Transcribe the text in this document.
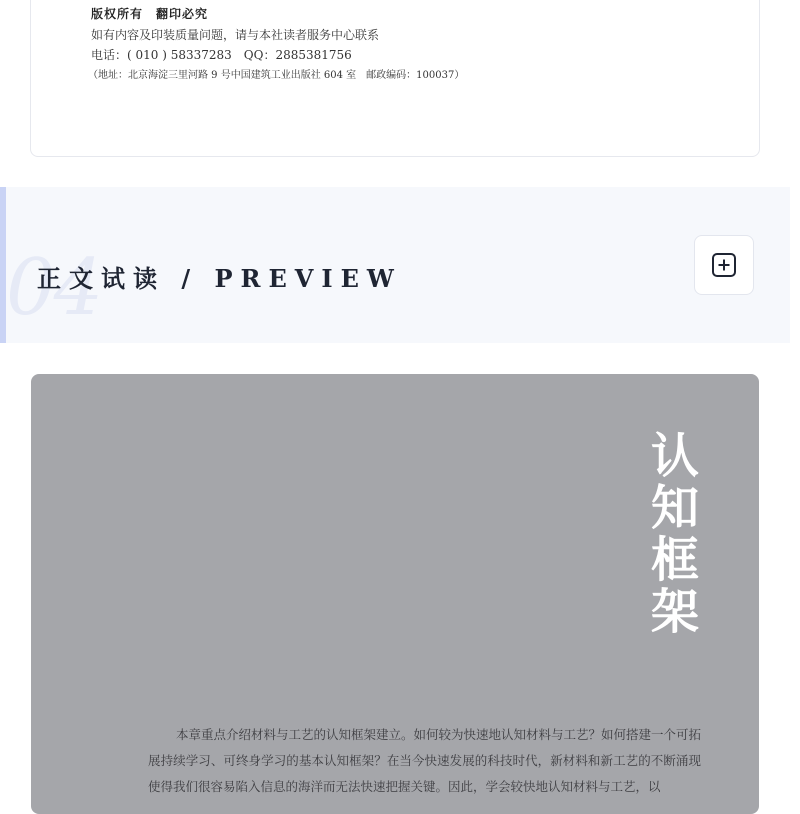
版权所有　翻印必究

如有内容及印装质量问题，请与本社读者服务中心联系

电话：( 010 ) 58337283　QQ：2885381756

（地址：北京海淀三里河路 9 号中国建筑工业出版社 604 室　邮政编码：100037）

04
正文试读 / PREVIEW
认知框架
本章重点介绍材料与工艺的认知框架建立。如何较为快速地认知材料与工艺？如何搭建一个可拓展持续学习、可终身学习的基本认知框架？在当今快速发展的科技时代，新材料和新工艺的不断涌现使得我们很容易陷入信息的海洋而无法快速把握关键。因此，学会较快地认知材料与工艺，以
